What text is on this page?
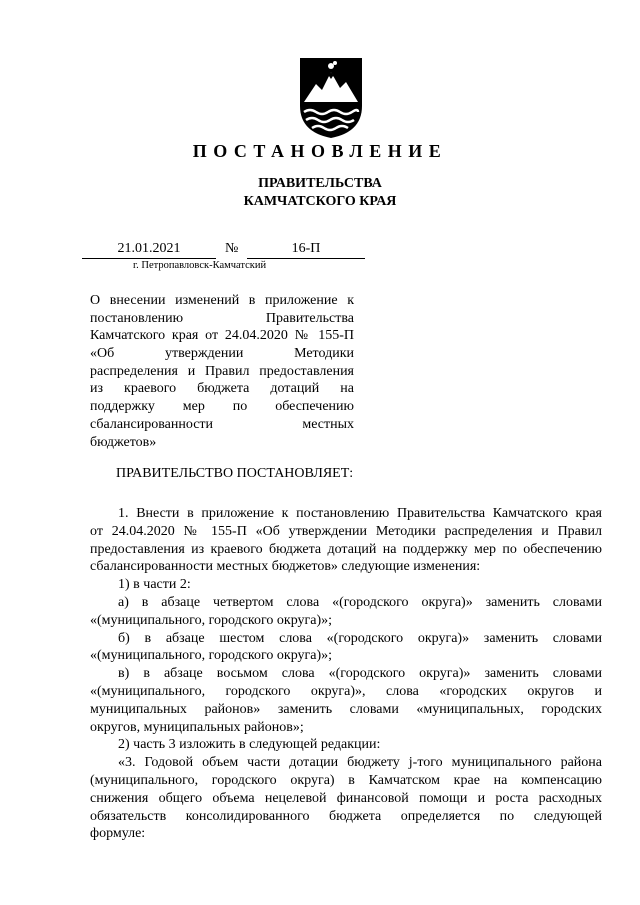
ПОСТАНОВЛЕНИЕ
ПРАВИТЕЛЬСТВА
КАМЧАТСКОГО КРАЯ
21.01.2021	№	16-П
г. Петропавловск-Камчатский
О внесении изменений в приложение к
постановлению Правительства
Камчатского края от 24.04.2020 № 155-П
«Об утверждении Методики
распределения и Правил предоставления
из краевого бюджета дотаций на
поддержку мер по обеспечению
сбалансированности местных
бюджетов»
ПРАВИТЕЛЬСТВО ПОСТАНОВЛЯЕТ:
1. Внести в приложение к постановлению Правительства Камчатского края
от 24.04.2020 № 155-П «Об утверждении Методики распределения и Правил
предоставления из краевого бюджета дотаций на поддержку мер по обеспечению
сбалансированности местных бюджетов» следующие изменения:
1) в части 2:
а) в абзаце четвертом слова «(городского округа)» заменить словами
«(муниципального, городского округа)»;
б) в абзаце шестом слова «(городского округа)» заменить словами
«(муниципального, городского округа)»;
в) в абзаце восьмом слова «(городского округа)» заменить словами
«(муниципального, городского округа)», слова «городских округов и
муниципальных районов» заменить словами «муниципальных, городских
округов, муниципальных районов»;
2) часть 3 изложить в следующей редакции:
«3. Годовой объем части дотации бюджету j-того муниципального района
(муниципального, городского округа) в Камчатском крае на компенсацию
снижения общего объема нецелевой финансовой помощи и роста расходных
обязательств консолидированного бюджета определяется по следующей
формуле:
